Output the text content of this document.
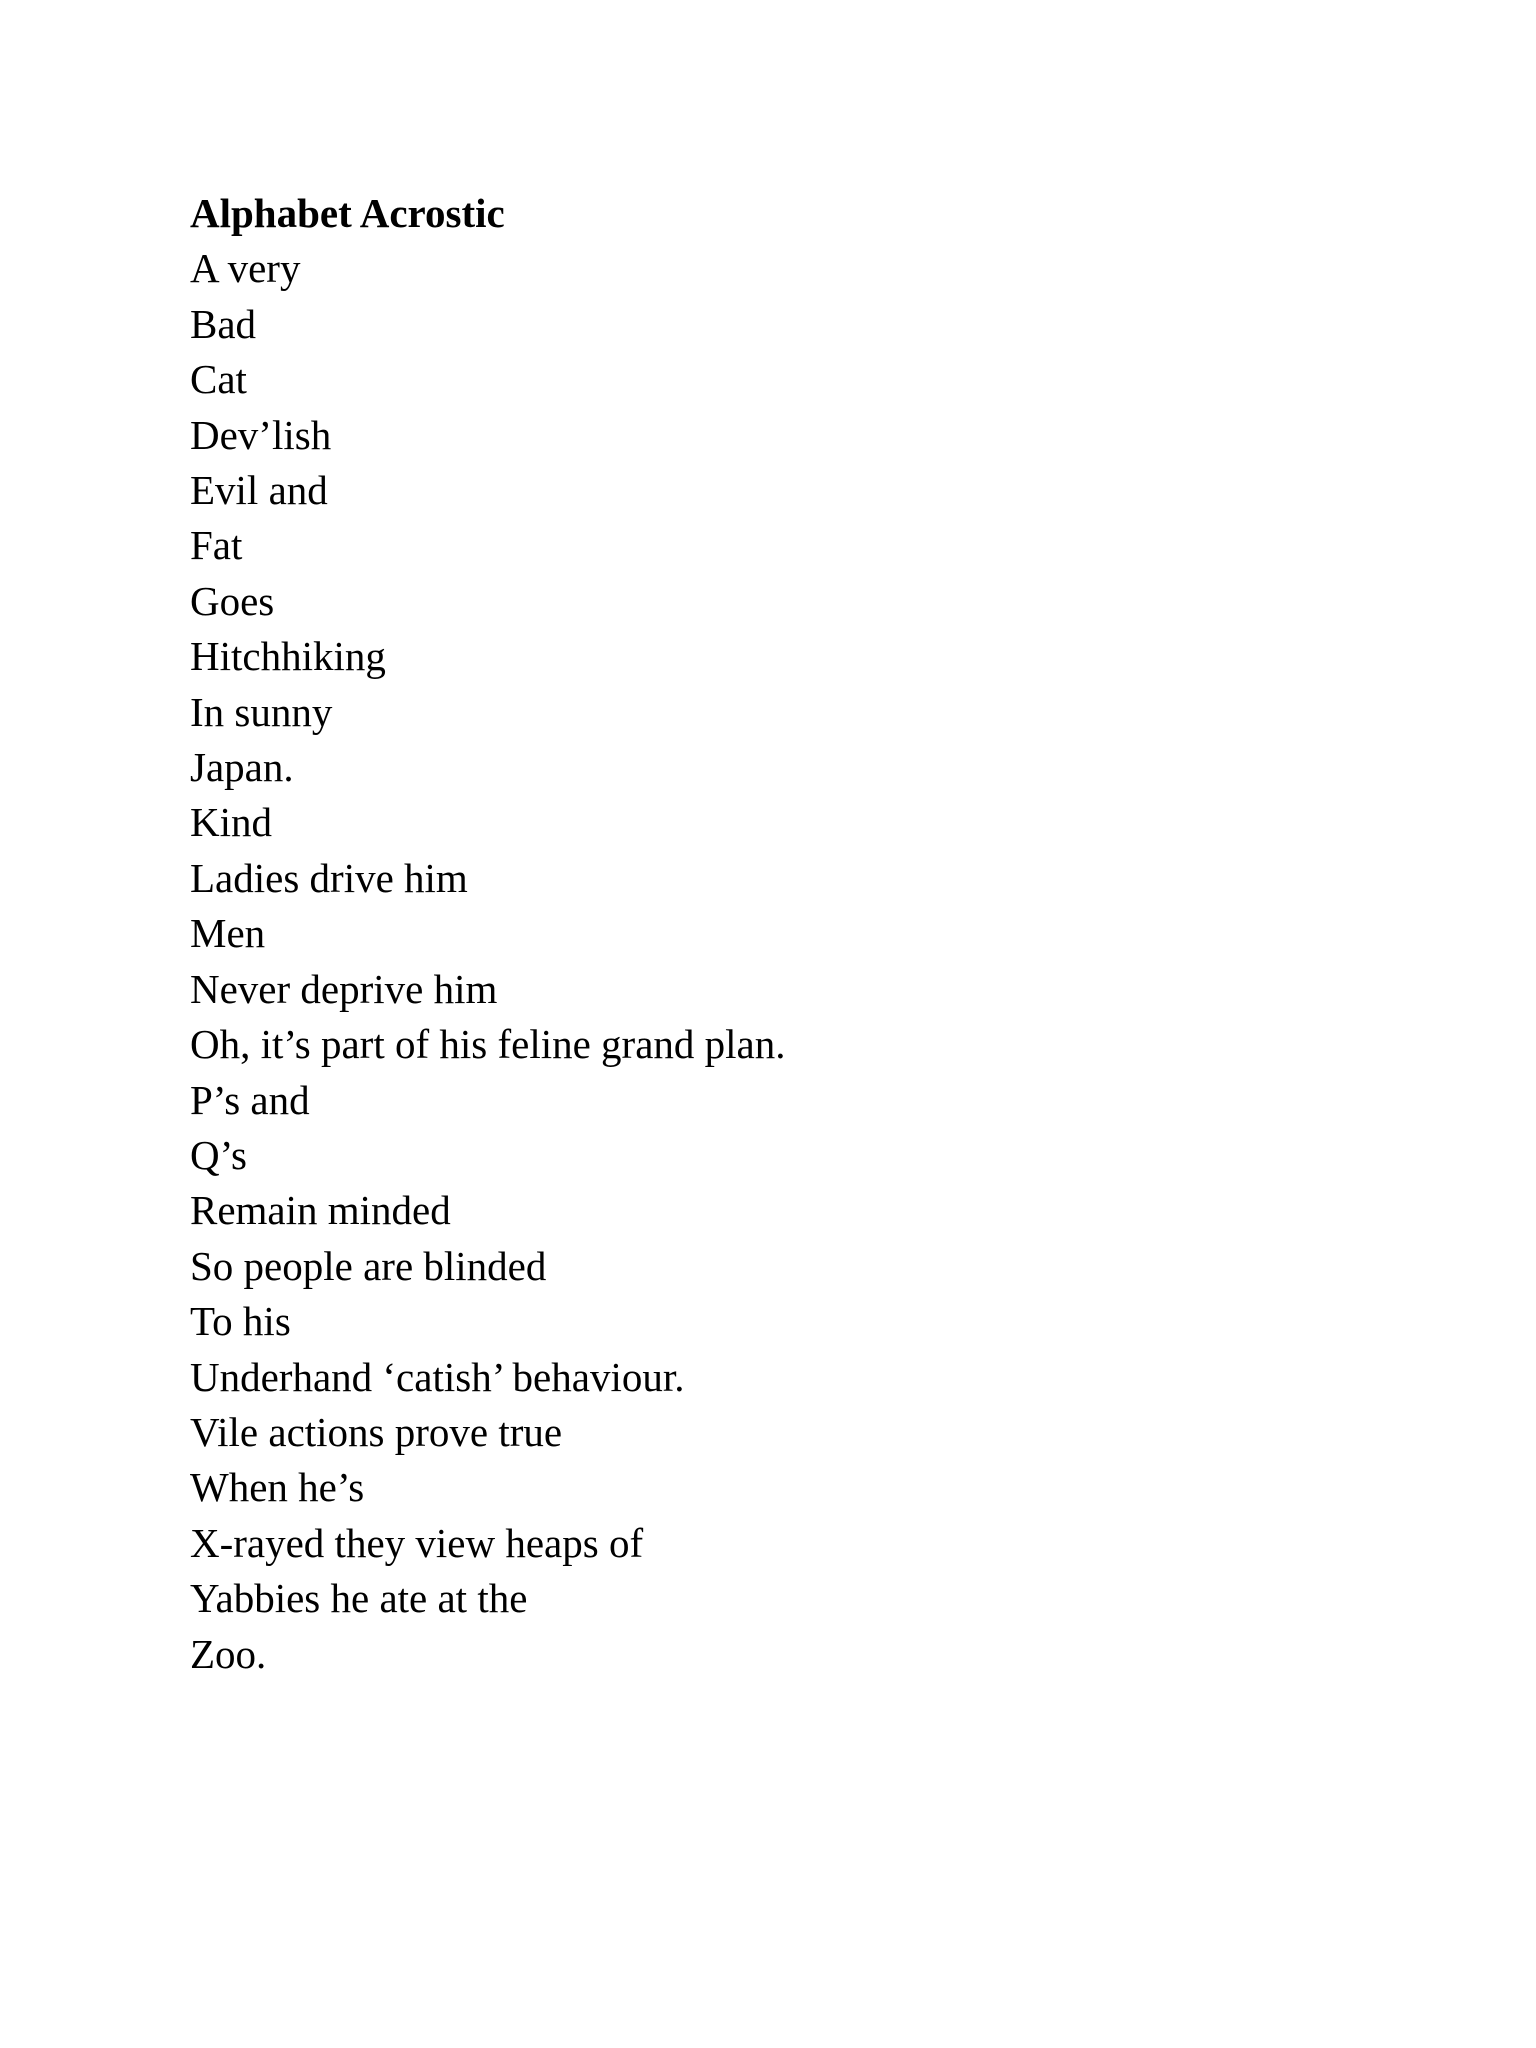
Alphabet Acrostic
A very
Bad
Cat
Dev’lish
Evil and
Fat
Goes
Hitchhiking
In sunny
Japan.
Kind
Ladies drive him
Men
Never deprive him
Oh, it’s part of his feline grand plan.
P’s and
Q’s
Remain minded
So people are blinded
To his
Underhand ‘catish’ behaviour.
Vile actions prove true
When he’s
X-rayed they view heaps of
Yabbies he ate at the
Zoo.
